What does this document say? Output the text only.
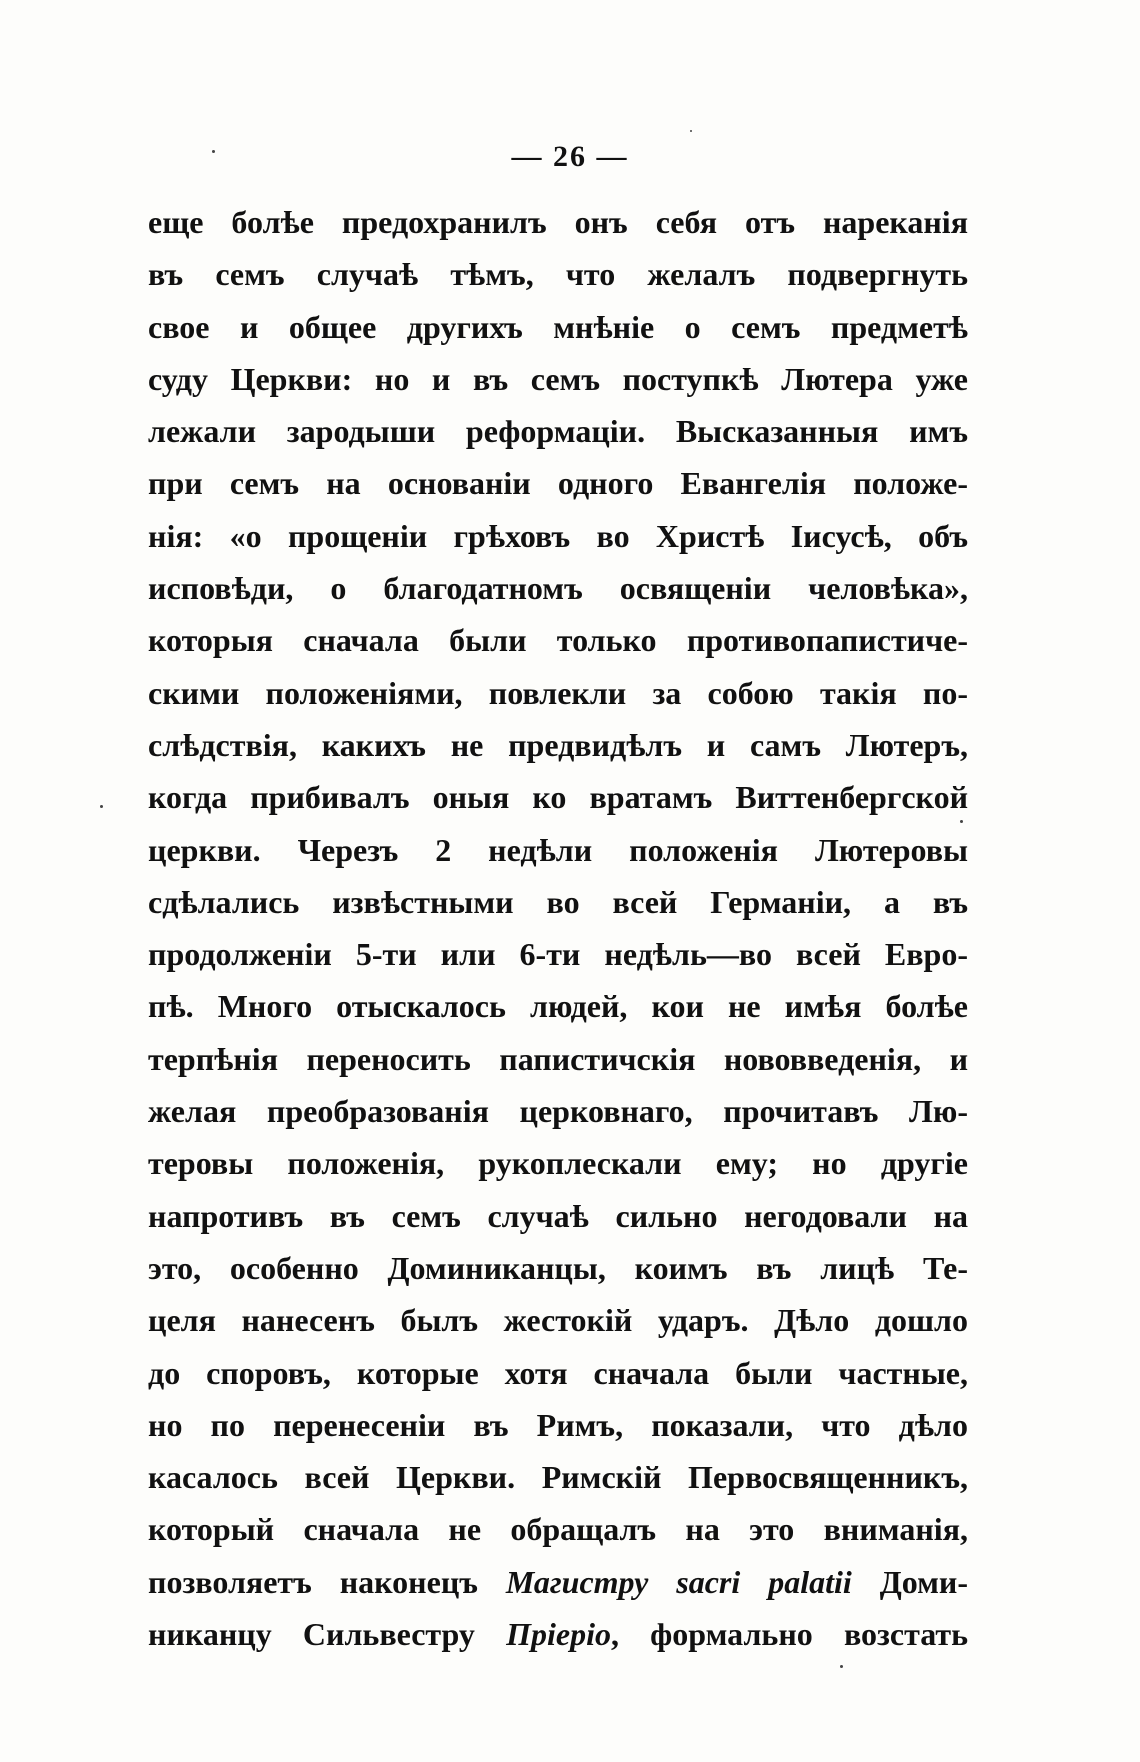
— 26 —
еще болѣе предохранилъ онъ себя отъ нареканія
въ семъ случаѣ тѣмъ, что желалъ подвергнуть
свое и общее другихъ мнѣніе о семъ предметѣ
суду Церкви: но и въ семъ поступкѣ Лютера уже
лежали зародыши реформаціи. Высказанныя имъ
при семъ на основаніи одного Евангелія положе-
нія: «о прощеніи грѣховъ во Христѣ Іисусѣ, объ
исповѣди, о благодатномъ освященіи человѣка»,
которыя сначала были только противопапистиче-
скими положеніями, повлекли за собою такія по-
слѣдствія, какихъ не предвидѣлъ и самъ Лютеръ,
когда прибивалъ оныя ко вратамъ Виттенбергской
церкви. Черезъ 2 недѣли положенія Лютеровы
сдѣлались извѣстными во всей Германіи, а въ
продолженіи 5-ти или 6-ти недѣль—во всей Евро-
пѣ. Много отыскалось людей, кои не имѣя болѣе
терпѣнія переносить папистичскія нововведенія, и
желая преобразованія церковнаго, прочитавъ Лю-
теровы положенія, рукоплескали ему; но другіе
напротивъ въ семъ случаѣ сильно негодовали на
это, особенно Доминиканцы, коимъ въ лицѣ Те-
целя нанесенъ былъ жестокій ударъ. Дѣло дошло
до споровъ, которые хотя сначала были частные,
но по перенесеніи въ Римъ, показали, что дѣло
касалось всей Церкви. Римскій Первосвященникъ,
который сначала не обращалъ на это вниманія,
позволяетъ наконецъ Магистру sacri palatii Доми-
никанцу Сильвестру Пріеріо, формально возстать
